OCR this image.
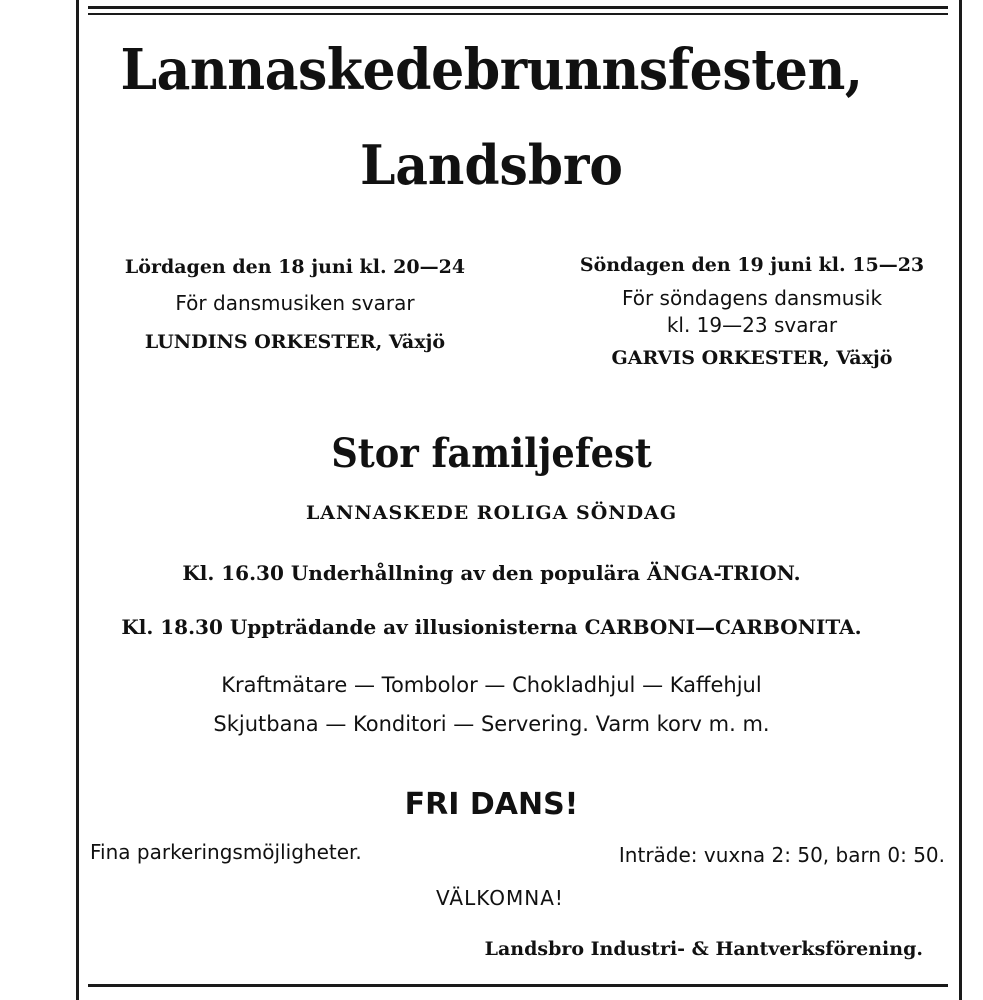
Lannaskedebrunnsfesten,
Landsbro
Lördagen den 18 juni kl. 20—24
För dansmusiken svarar
LUNDINS ORKESTER, Växjö
Söndagen den 19 juni kl. 15—23
För söndagens dansmusik
kl. 19—23 svarar
GARVIS ORKESTER, Växjö
Stor familjefest
LANNASKEDE ROLIGA SÖNDAG
Kl. 16.30 Underhållning av den populära ÄNGA-TRION.
Kl. 18.30 Uppträdande av illusionisterna CARBONI—CARBONITA.
Kraftmätare — Tombolor — Chokladhjul — Kaffehjul
Skjutbana — Konditori — Servering. Varm korv m. m.
FRI DANS!
Fina parkeringsmöjligheter.	Inträde: vuxna 2: 50, barn 0: 50.
VÄLKOMNA!
Landsbro Industri- & Hantverksförening.
